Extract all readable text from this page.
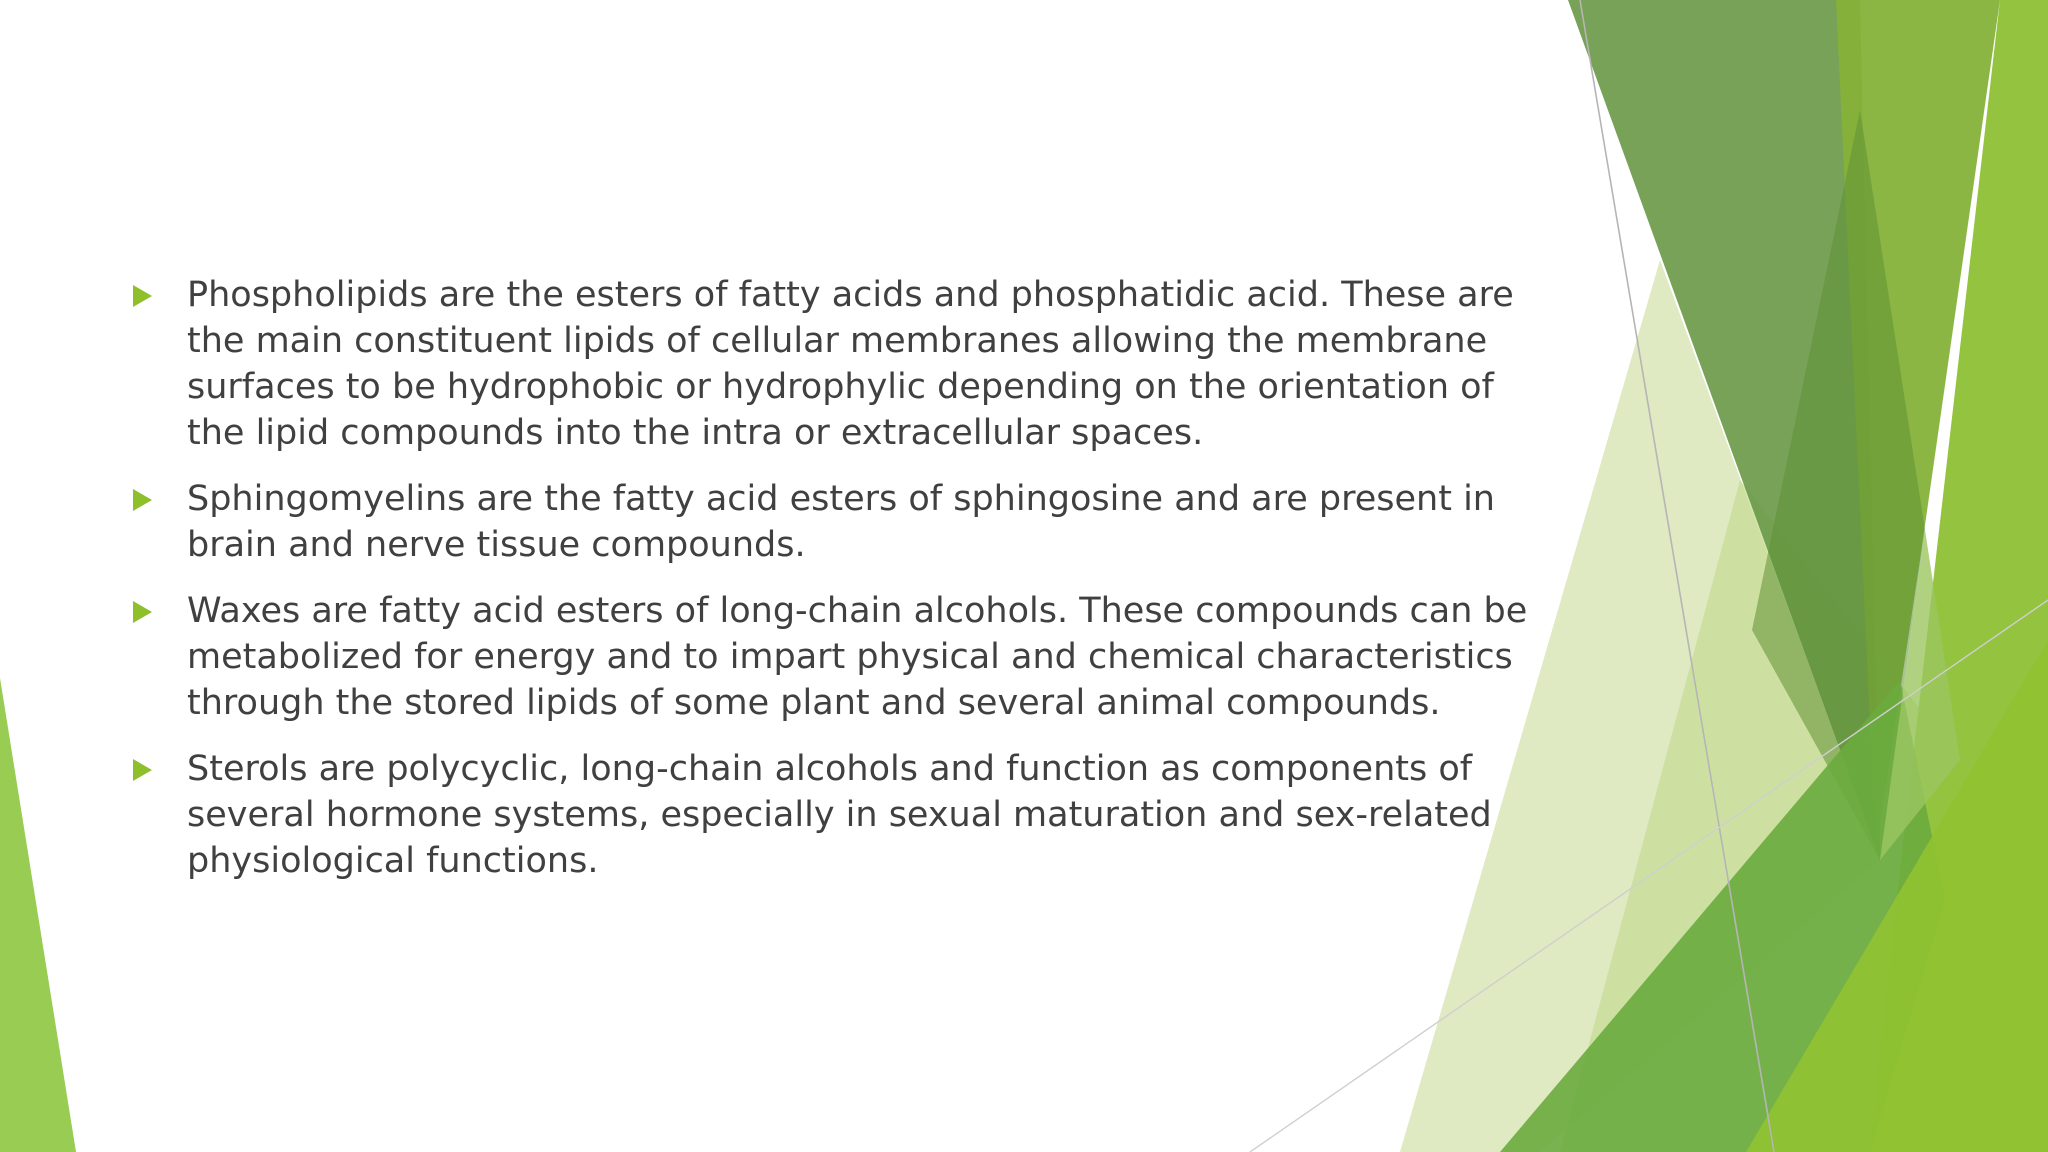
Phospholipids are the esters of fatty acids and phosphatidic acid. These are the main constituent lipids of cellular membranes allowing the membrane surfaces to be hydrophobic or hydrophylic depending on the orientation of the lipid compounds into the intra or extracellular spaces.
Sphingomyelins are the fatty acid esters of sphingosine and are present in brain and nerve tissue compounds.
Waxes are fatty acid esters of long-chain alcohols. These compounds can be metabolized for energy and to impart physical and chemical characteristics through the stored lipids of some plant and several animal compounds.
Sterols are polycyclic, long-chain alcohols and function as components of several hormone systems, especially in sexual maturation and sex-related physiological functions.
